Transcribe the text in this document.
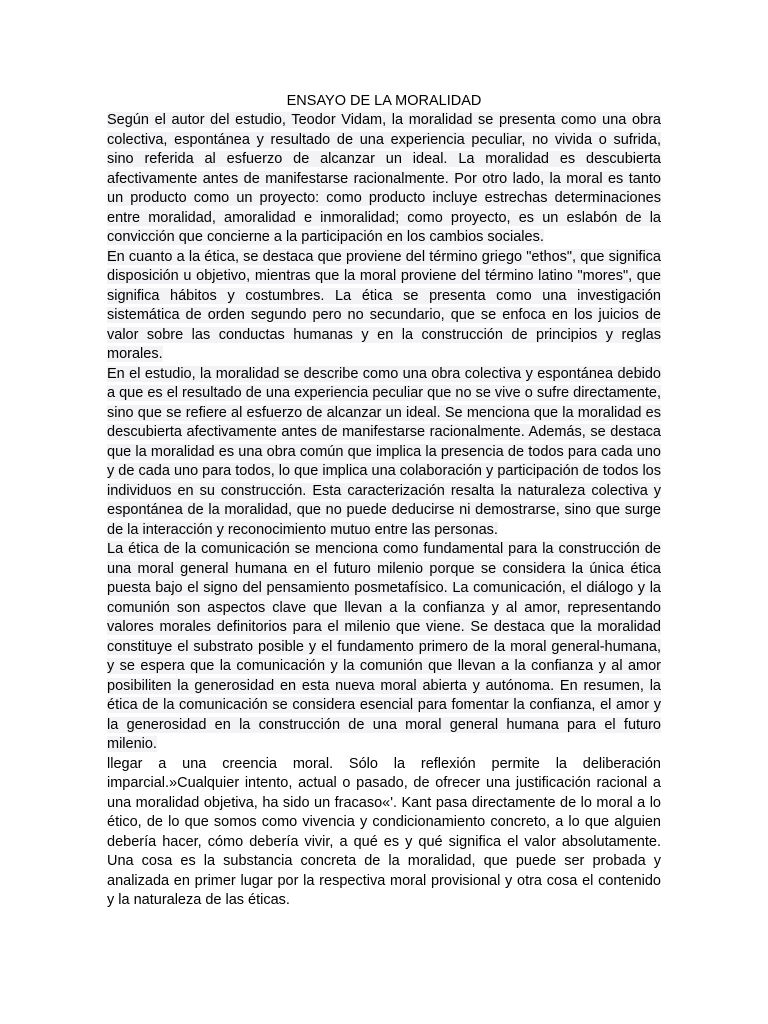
ENSAYO DE LA MORALIDAD

Según el autor del estudio, Teodor Vidam, la moralidad se presenta como una obra colectiva, espontánea y resultado de una experiencia peculiar, no vivida o sufrida, sino referida al esfuerzo de alcanzar un ideal. La moralidad es descubierta afectivamente antes de manifestarse racionalmente. Por otro lado, la moral es tanto un producto como un proyecto: como producto incluye estrechas determinaciones entre moralidad, amoralidad e inmoralidad; como proyecto, es un eslabón de la convicción que concierne a la participación en los cambios sociales.

En cuanto a la ética, se destaca que proviene del término griego "ethos", que significa disposición u objetivo, mientras que la moral proviene del término latino "mores", que significa hábitos y costumbres. La ética se presenta como una investigación sistemática de orden segundo pero no secundario, que se enfoca en los juicios de valor sobre las conductas humanas y en la construcción de principios y reglas morales.

En el estudio, la moralidad se describe como una obra colectiva y espontánea debido a que es el resultado de una experiencia peculiar que no se vive o sufre directamente, sino que se refiere al esfuerzo de alcanzar un ideal. Se menciona que la moralidad es descubierta afectivamente antes de manifestarse racionalmente. Además, se destaca que la moralidad es una obra común que implica la presencia de todos para cada uno y de cada uno para todos, lo que implica una colaboración y participación de todos los individuos en su construcción. Esta caracterización resalta la naturaleza colectiva y espontánea de la moralidad, que no puede deducirse ni demostrarse, sino que surge de la interacción y reconocimiento mutuo entre las personas.

La ética de la comunicación se menciona como fundamental para la construcción de una moral general humana en el futuro milenio porque se considera la única ética puesta bajo el signo del pensamiento posmetafísico. La comunicación, el diálogo y la comunión son aspectos clave que llevan a la confianza y al amor, representando valores morales definitorios para el milenio que viene. Se destaca que la moralidad constituye el substrato posible y el fundamento primero de la moral general-humana, y se espera que la comunicación y la comunión que llevan a la confianza y al amor posibiliten la generosidad en esta nueva moral abierta y autónoma. En resumen, la ética de la comunicación se considera esencial para fomentar la confianza, el amor y la generosidad en la construcción de una moral general humana para el futuro milenio.

llegar a una creencia moral. Sólo la reflexión permite la deliberación imparcial.»Cualquier intento, actual o pasado, de ofrecer una justificación racional a una moralidad objetiva, ha sido un fracaso«'. Kant pasa directamente de lo moral a lo ético, de lo que somos como vivencia y condicionamiento concreto, a lo que alguien debería hacer, cómo debería vivir, a qué es y qué significa el valor absolutamente. Una cosa es la substancia concreta de la moralidad, que puede ser probada y analizada en primer lugar por la respectiva moral provisional y otra cosa el contenido y la naturaleza de las éticas.
